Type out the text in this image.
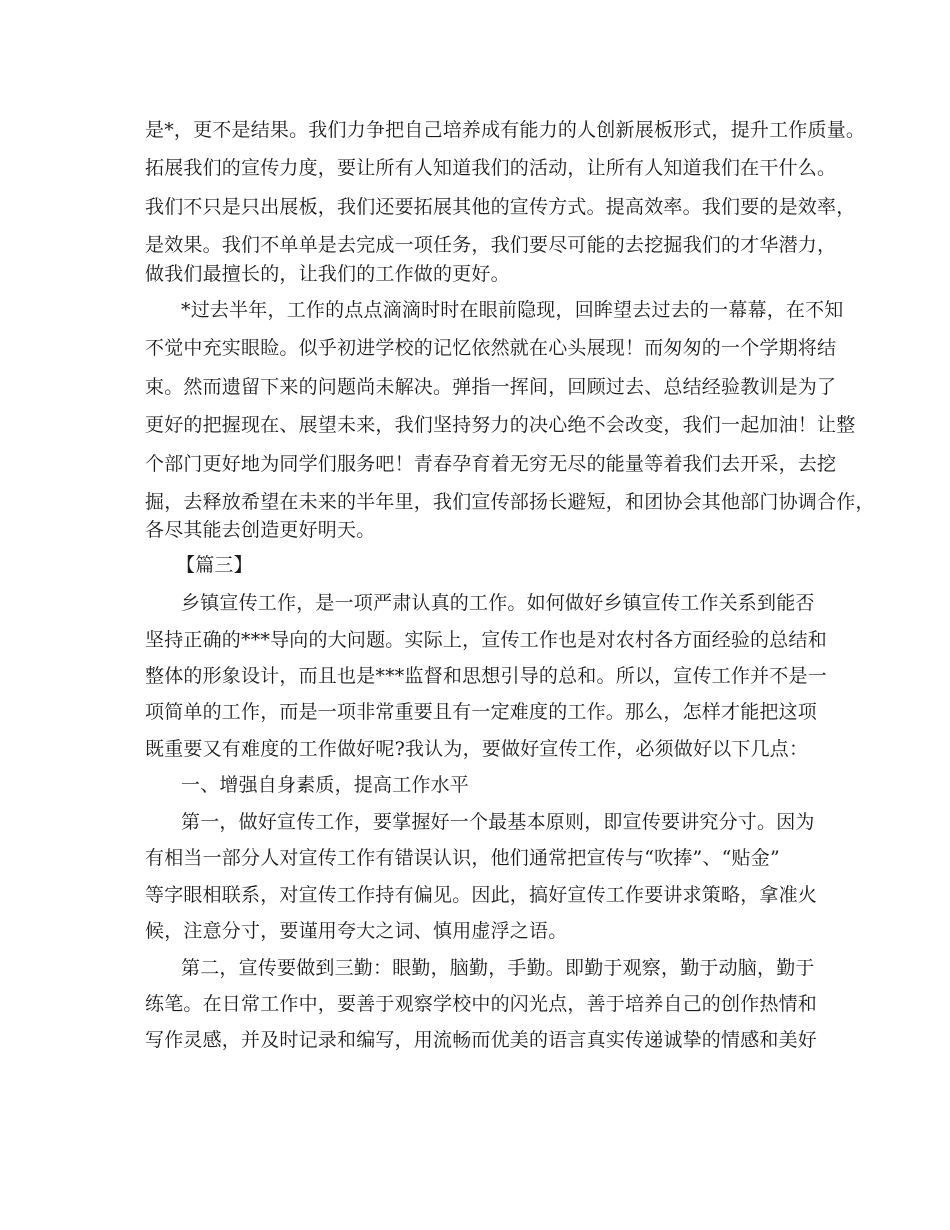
是*，更不是结果。我们力争把自己培养成有能力的人创新展板形式，提升工作质量。
拓展我们的宣传力度，要让所有人知道我们的活动，让所有人知道我们在干什么。
我们不只是只出展板，我们还要拓展其他的宣传方式。提高效率。我们要的是效率，
是效果。我们不单单是去完成一项任务，我们要尽可能的去挖掘我们的才华潜力，
做我们最擅长的，让我们的工作做的更好。
*过去半年，工作的点点滴滴时时在眼前隐现，回眸望去过去的一幕幕，在不知
不觉中充实眼睑。似乎初进学校的记忆依然就在心头展现！而匆匆的一个学期将结
束。然而遗留下来的问题尚未解决。弹指一挥间，回顾过去、总结经验教训是为了
更好的把握现在、展望未来，我们坚持努力的决心绝不会改变，我们一起加油！让整
个部门更好地为同学们服务吧！青春孕育着无穷无尽的能量等着我们去开采，去挖
掘，去释放希望在未来的半年里，我们宣传部扬长避短，和团协会其他部门协调合作，
各尽其能去创造更好明天。
【篇三】
乡镇宣传工作，是一项严肃认真的工作。如何做好乡镇宣传工作关系到能否
坚持正确的***导向的大问题。实际上，宣传工作也是对农村各方面经验的总结和
整体的形象设计，而且也是***监督和思想引导的总和。所以，宣传工作并不是一
项简单的工作，而是一项非常重要且有一定难度的工作。那么，怎样才能把这项
既重要又有难度的工作做好呢?我认为，要做好宣传工作，必须做好以下几点：
一、增强自身素质，提高工作水平
第一，做好宣传工作，要掌握好一个最基本原则，即宣传要讲究分寸。因为
有相当一部分人对宣传工作有错误认识，他们通常把宣传与“吹捧”、“贴金”
等字眼相联系，对宣传工作持有偏见。因此，搞好宣传工作要讲求策略，拿准火
候，注意分寸，要谨用夸大之词、慎用虚浮之语。
第二，宣传要做到三勤：眼勤，脑勤，手勤。即勤于观察，勤于动脑，勤于
练笔。在日常工作中，要善于观察学校中的闪光点，善于培养自己的创作热情和
写作灵感，并及时记录和编写，用流畅而优美的语言真实传递诚挚的情感和美好
